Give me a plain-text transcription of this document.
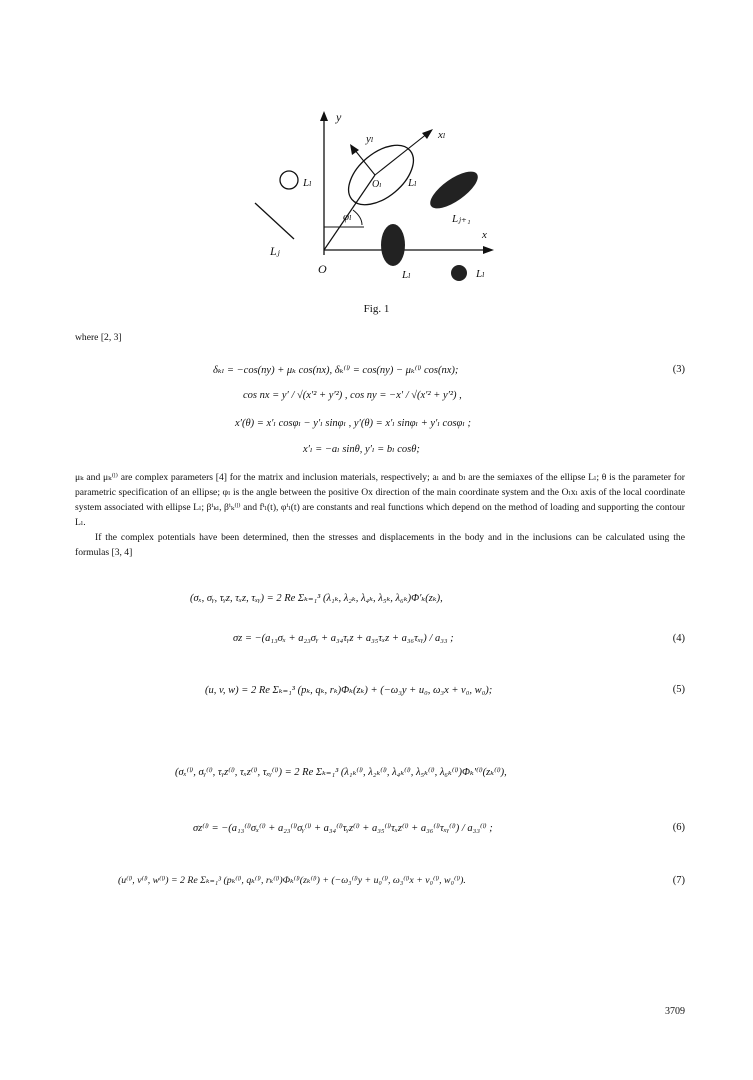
y
x
O
Lₗ
Lⱼ
φₗ
xₗ
yₗ
Oₗ Lₗ
Lⱼ₊₁
Lₗ	Lₗ
Fig. 1
where [2, 3]
δₖₗ = −cos(ny) + μₖ cos(nx), δₖ⁽ˡ⁾ = cos(ny) − μₖ⁽ˡ⁾ cos(nx);	(3)
cos nx = y′ / √(x′² + y′²) , cos ny = −x′ / √(x′² + y′²) ,
x′(θ) = x′ₗ cosφₗ − y′ₗ sinφₗ , y′(θ) = x′ₗ sinφₗ + y′ₗ cosφₗ ;
x′ₗ = −aₗ sinθ, y′ₗ = bₗ cosθ;
μₖ and μₖ⁽ˡ⁾ are complex parameters [4] for the matrix and inclusion materials, respectively; aₗ and bₗ are the semiaxes of the ellipse Lₗ; θ is the parameter for parametric specification of an ellipse; φₗ is the angle between the positive Ox direction of the main coordinate system and the Oₗxₗ axis of the local coordinate system associated with ellipse Lₗ; βⁱₖₗ, βⁱₖ⁽ˡ⁾ and fⁱₗ(t), φⁱₗ(t) are constants and real functions which depend on the method of loading and supporting the contour Lₗ.
If the complex potentials have been determined, then the stresses and displacements in the body and in the inclusions can be calculated using the formulas [3, 4]
(σₓ, σᵧ, τᵧz, τₓz, τₓᵧ) = 2 Re Σₖ₌₁³ (λ₁ₖ, λ₂ₖ, λ₄ₖ, λ₅ₖ, λ₆ₖ)Φ′ₖ(zₖ),
σz = −(a₁₃σₓ + a₂₃σᵧ + a₃₄τᵧz + a₃₅τₓz + a₃₆τₓᵧ) / a₃₃ ;	(4)
(u, v, w) = 2 Re Σₖ₌₁³ (pₖ, qₖ, rₖ)Φₖ(zₖ) + (−ω₃y + u₀, ω₃x + v₀, w₀);	(5)
(σₓ⁽ˡ⁾, σᵧ⁽ˡ⁾, τᵧz⁽ˡ⁾, τₓz⁽ˡ⁾, τₓᵧ⁽ˡ⁾) = 2 Re Σₖ₌₁³ (λ₁ₖ⁽ˡ⁾, λ₂ₖ⁽ˡ⁾, λ₄ₖ⁽ˡ⁾, λ₅ₖ⁽ˡ⁾, λ₆ₖ⁽ˡ⁾)Φₖ′⁽ˡ⁾(zₖ⁽ˡ⁾),
σz⁽ˡ⁾ = −(a₁₃⁽ˡ⁾σₓ⁽ˡ⁾ + a₂₃⁽ˡ⁾σᵧ⁽ˡ⁾ + a₃₄⁽ˡ⁾τᵧz⁽ˡ⁾ + a₃₅⁽ˡ⁾τₓz⁽ˡ⁾ + a₃₆⁽ˡ⁾τₓᵧ⁽ˡ⁾) / a₃₃⁽ˡ⁾ ;	(6)
(u⁽ˡ⁾, v⁽ˡ⁾, w⁽ˡ⁾) = 2 Re Σₖ₌₁³ (pₖ⁽ˡ⁾, qₖ⁽ˡ⁾, rₖ⁽ˡ⁾)Φₖ⁽ˡ⁾(zₖ⁽ˡ⁾) + (−ω₃⁽ˡ⁾y + u₀⁽ˡ⁾, ω₃⁽ˡ⁾x + v₀⁽ˡ⁾, w₀⁽ˡ⁾).	(7)
3709
